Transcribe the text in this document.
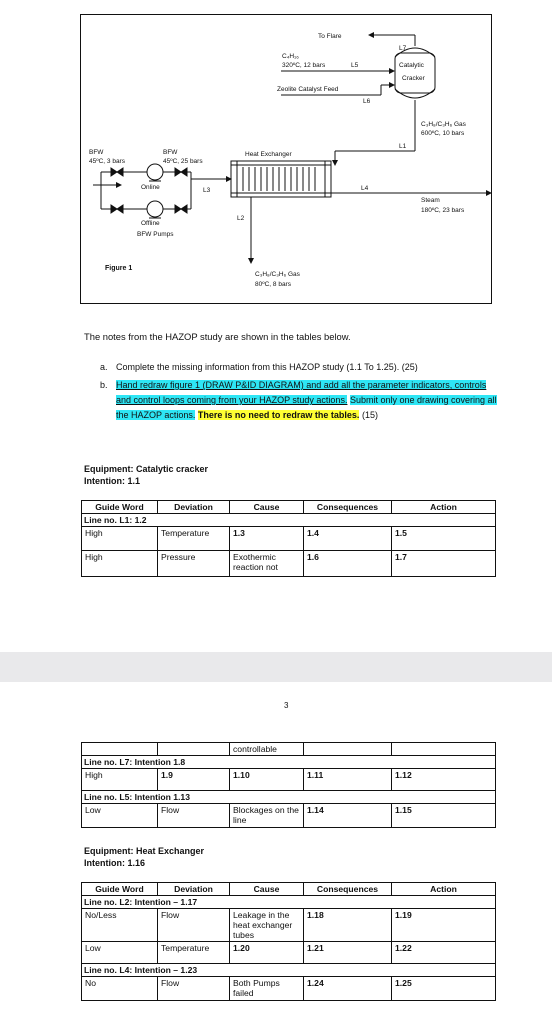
To Flare
L7
C₄H₁₆
320ºC, 12 bars	L5	Catalytic
Cracker
Zeolite Catalyst Feed
L6
C₃H₈/C₃H₆ Gas
600ºC, 10 bars
L1
BFW
45ºC, 3 bars
BFW
45ºC, 25 bars
Heat Exchanger
Online	L3	L4
Steam
180ºC, 23 bars
Offline
BFW Pumps
L2
Figure 1
C₃H₈/C₃H₆ Gas
80ºC, 8 bars
The notes from the HAZOP study are shown in the tables below.
a. Complete the missing information from this HAZOP study (1.1 To 1.25). (25)
b. Hand redraw figure 1 (DRAW P&ID DIAGRAM) and add all the parameter indicators, controls and control loops coming from your HAZOP study actions. Submit only one drawing covering all the HAZOP actions. There is no need to redraw the tables. (15)
Equipment: Catalytic cracker
Intention: 1.1
Guide Word	Deviation	Cause	Consequences	Action
Line no. L1: 1.2				
High	Temperature	1.3	1.4	1.5
High	Pressure	Exothermic reaction not	1.6	1.7
3
		controllable		
Line no. L7: Intention 1.8				
High	1.9	1.10	1.11	1.12
Line no. L5: Intention 1.13				
Low	Flow	Blockages on the line	1.14	1.15
Equipment: Heat Exchanger
Intention: 1.16
Guide Word	Deviation	Cause	Consequences	Action
Line no. L2: Intention – 1.17				
No/Less	Flow	Leakage in the heat exchanger tubes	1.18	1.19
Low	Temperature	1.20	1.21	1.22
Line no. L4: Intention – 1.23				
No	Flow	Both Pumps failed	1.24	1.25
